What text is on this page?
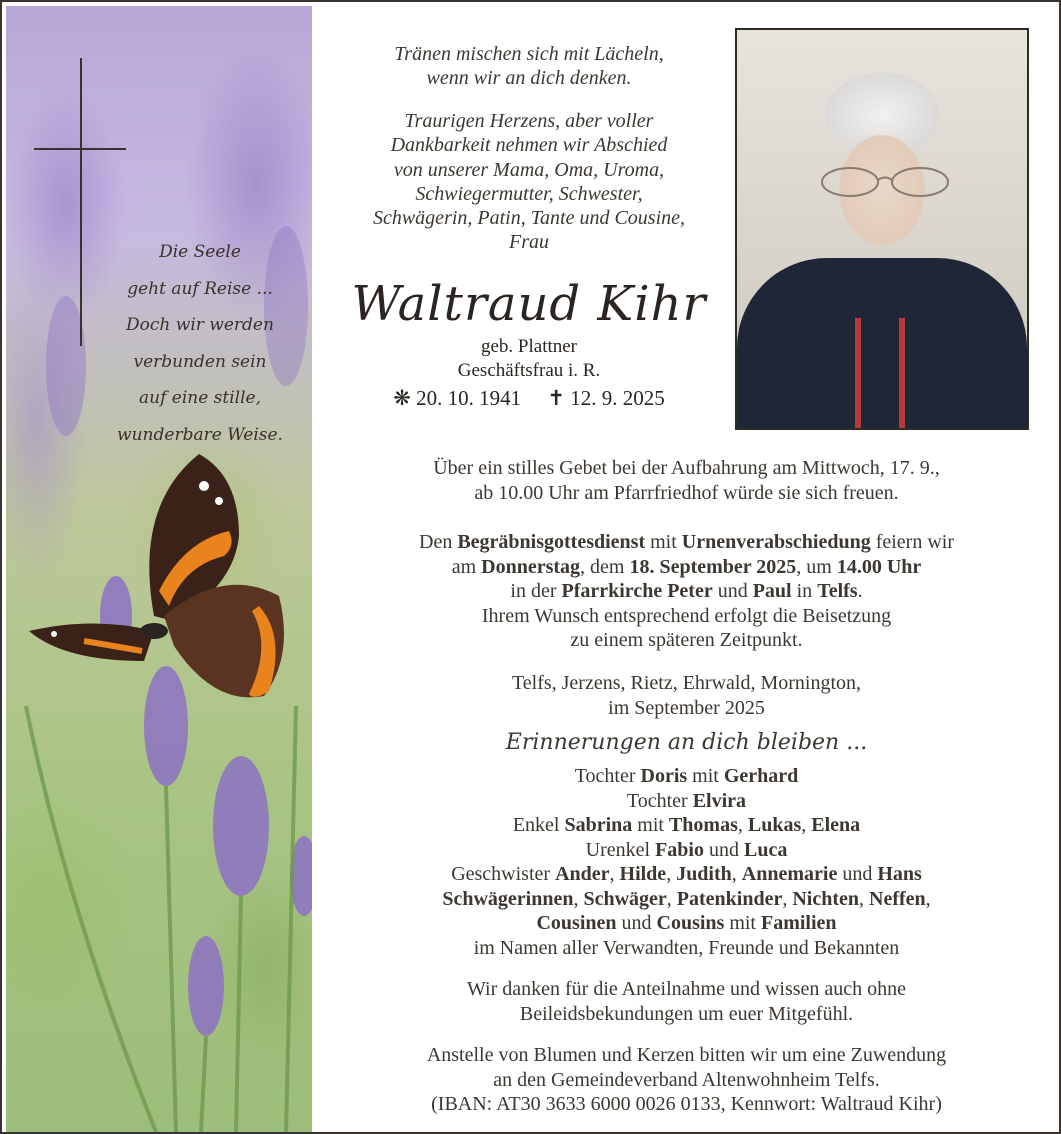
Die Seele
geht auf Reise ...
Doch wir werden
verbunden sein
auf eine stille,
wunderbare Weise.
Tränen mischen sich mit Lächeln,
wenn wir an dich denken.
Traurigen Herzens, aber voller
Dankbarkeit nehmen wir Abschied
von unserer Mama, Oma, Uroma,
Schwiegermutter, Schwester,
Schwägerin, Patin, Tante und Cousine,
Frau
Waltraud Kihr
geb. Plattner
Geschäftsfrau i. R.
❋ 20. 10. 1941 ✝ 12. 9. 2025
Über ein stilles Gebet bei der Aufbahrung am Mittwoch, 17. 9.,
ab 10.00 Uhr am Pfarrfriedhof würde sie sich freuen.
Den Begräbnisgottesdienst mit Urnenverabschiedung feiern wir
am Donnerstag, dem 18. September 2025, um 14.00 Uhr
in der Pfarrkirche Peter und Paul in Telfs.
Ihrem Wunsch entsprechend erfolgt die Beisetzung
zu einem späteren Zeitpunkt.
Telfs, Jerzens, Rietz, Ehrwald, Mornington,
im September 2025
Erinnerungen an dich bleiben ...
Tochter Doris mit Gerhard
Tochter Elvira
Enkel Sabrina mit Thomas, Lukas, Elena
Urenkel Fabio und Luca
Geschwister Ander, Hilde, Judith, Annemarie und Hans
Schwägerinnen, Schwäger, Patenkinder, Nichten, Neffen,
Cousinen und Cousins mit Familien
im Namen aller Verwandten, Freunde und Bekannten
Wir danken für die Anteilnahme und wissen auch ohne
Beileidsbekundungen um euer Mitgefühl.
Anstelle von Blumen und Kerzen bitten wir um eine Zuwendung
an den Gemeindeverband Altenwohnheim Telfs.
(IBAN: AT30 3633 6000 0026 0133, Kennwort: Waltraud Kihr)
